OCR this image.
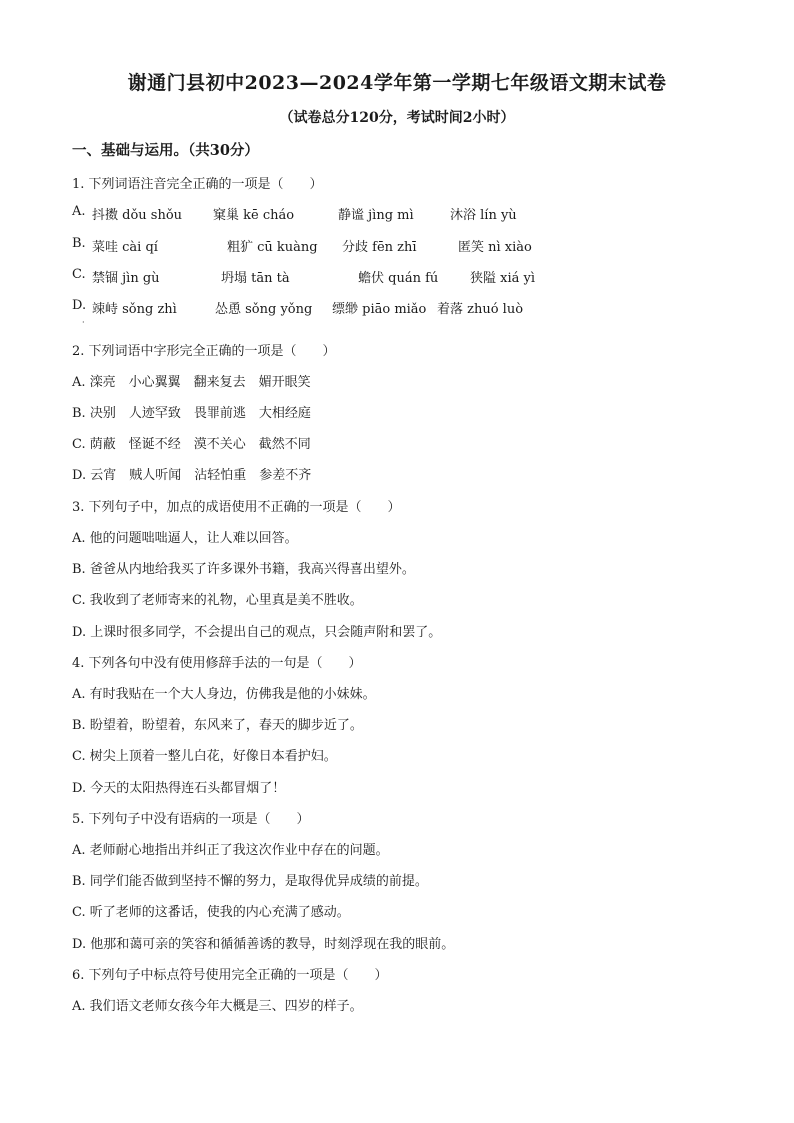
谢通门县初中2023—2024学年第一学期七年级语文期末试卷
（试卷总分120分，考试时间2小时）
一、基础与运用。（共30分）
1. 下列词语注音完全正确的一项是（　　）
A. 抖擞 dǒu shǒu 窠巢 kē cháo	静谧 jìng mì	沐浴 lín yù
B. 菜哇 cài qí	粗犷 cū kuàng 分歧 fēn zhī	匿笑 nì xiào
C. 禁锢 jìn gù	坍塌 tān tà	蟾伏 quán fú 狭隘 xiá yì
D. 竦峙 sǒng zhì	怂恿 sǒng yǒng 缥缈 piāo miǎo 着落 zhuó luò
·
2. 下列词语中字形完全正确的一项是（　　）
A. 滦亮　小心翼翼　翻来复去　媚开眼笑
B. 决别　人迹罕致　畏罪前逃　大相经庭
C. 荫蔽　怪诞不经　漠不关心　截然不同
D. 云宵　贼人听闻　沾轻怕重　参差不齐
3. 下列句子中，加点的成语使用不正确的一项是（　　）
A. 他的问题咄咄逼人，让人难以回答。
B. 爸爸从内地给我买了许多课外书籍，我高兴得喜出望外。
C. 我收到了老师寄来的礼物，心里真是美不胜收。
D. 上课时很多同学，不会提出自己的观点，只会随声附和罢了。
4. 下列各句中没有使用修辞手法的一句是（　　）
A. 有时我贴在一个大人身边，仿佛我是他的小妹妹。
B. 盼望着，盼望着，东风来了，春天的脚步近了。
C. 树尖上顶着一整儿白花，好像日本看护妇。
D. 今天的太阳热得连石头都冒烟了！
5. 下列句子中没有语病的一项是（　　）
A. 老师耐心地指出并纠正了我这次作业中存在的问题。
B. 同学们能否做到坚持不懈的努力，是取得优异成绩的前提。
C. 听了老师的这番话，使我的内心充满了感动。
D. 他那和蔼可亲的笑容和循循善诱的教导，时刻浮现在我的眼前。
6. 下列句子中标点符号使用完全正确的一项是（　　）
A. 我们语文老师女孩今年大概是三、四岁的样子。
